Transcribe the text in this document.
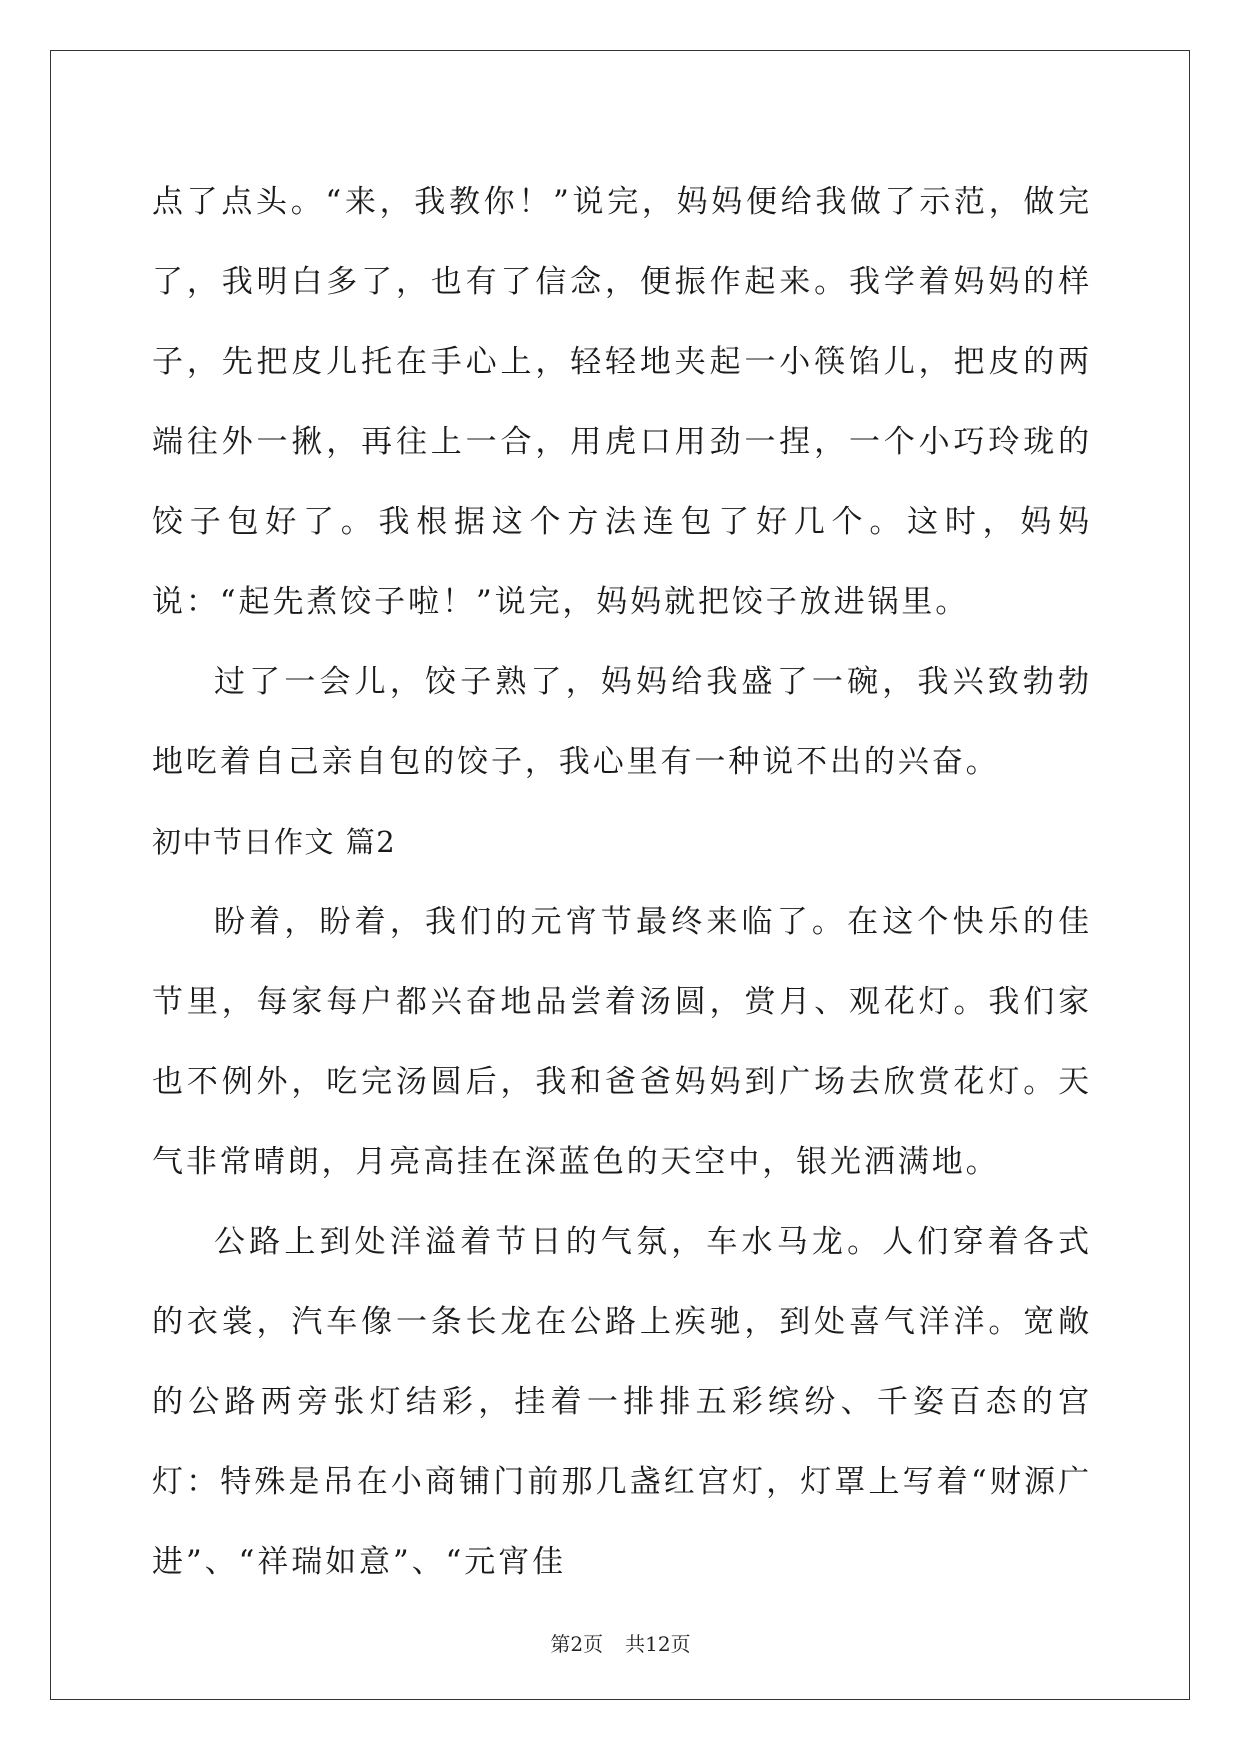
点了点头。“来，我教你！”说完，妈妈便给我做了示范，做完了，我明白多了，也有了信念，便振作起来。我学着妈妈的样子，先把皮儿托在手心上，轻轻地夹起一小筷馅儿，把皮的两端往外一揪，再往上一合，用虎口用劲一捏，一个小巧玲珑的饺子包好了。我根据这个方法连包了好几个。这时，妈妈说：“起先煮饺子啦！”说完，妈妈就把饺子放进锅里。

过了一会儿，饺子熟了，妈妈给我盛了一碗，我兴致勃勃地吃着自己亲自包的饺子，我心里有一种说不出的兴奋。

初中节日作文 篇2

盼着，盼着，我们的元宵节最终来临了。在这个快乐的佳节里，每家每户都兴奋地品尝着汤圆，赏月、观花灯。我们家也不例外，吃完汤圆后，我和爸爸妈妈到广场去欣赏花灯。天气非常晴朗，月亮高挂在深蓝色的天空中，银光洒满地。

公路上到处洋溢着节日的气氛，车水马龙。人们穿着各式的衣裳，汽车像一条长龙在公路上疾驰，到处喜气洋洋。宽敞的公路两旁张灯结彩，挂着一排排五彩缤纷、千姿百态的宫灯：特殊是吊在小商铺门前那几盏红宫灯，灯罩上写着“财源广进”、“祥瑞如意”、“元宵佳

第2页 共12页
